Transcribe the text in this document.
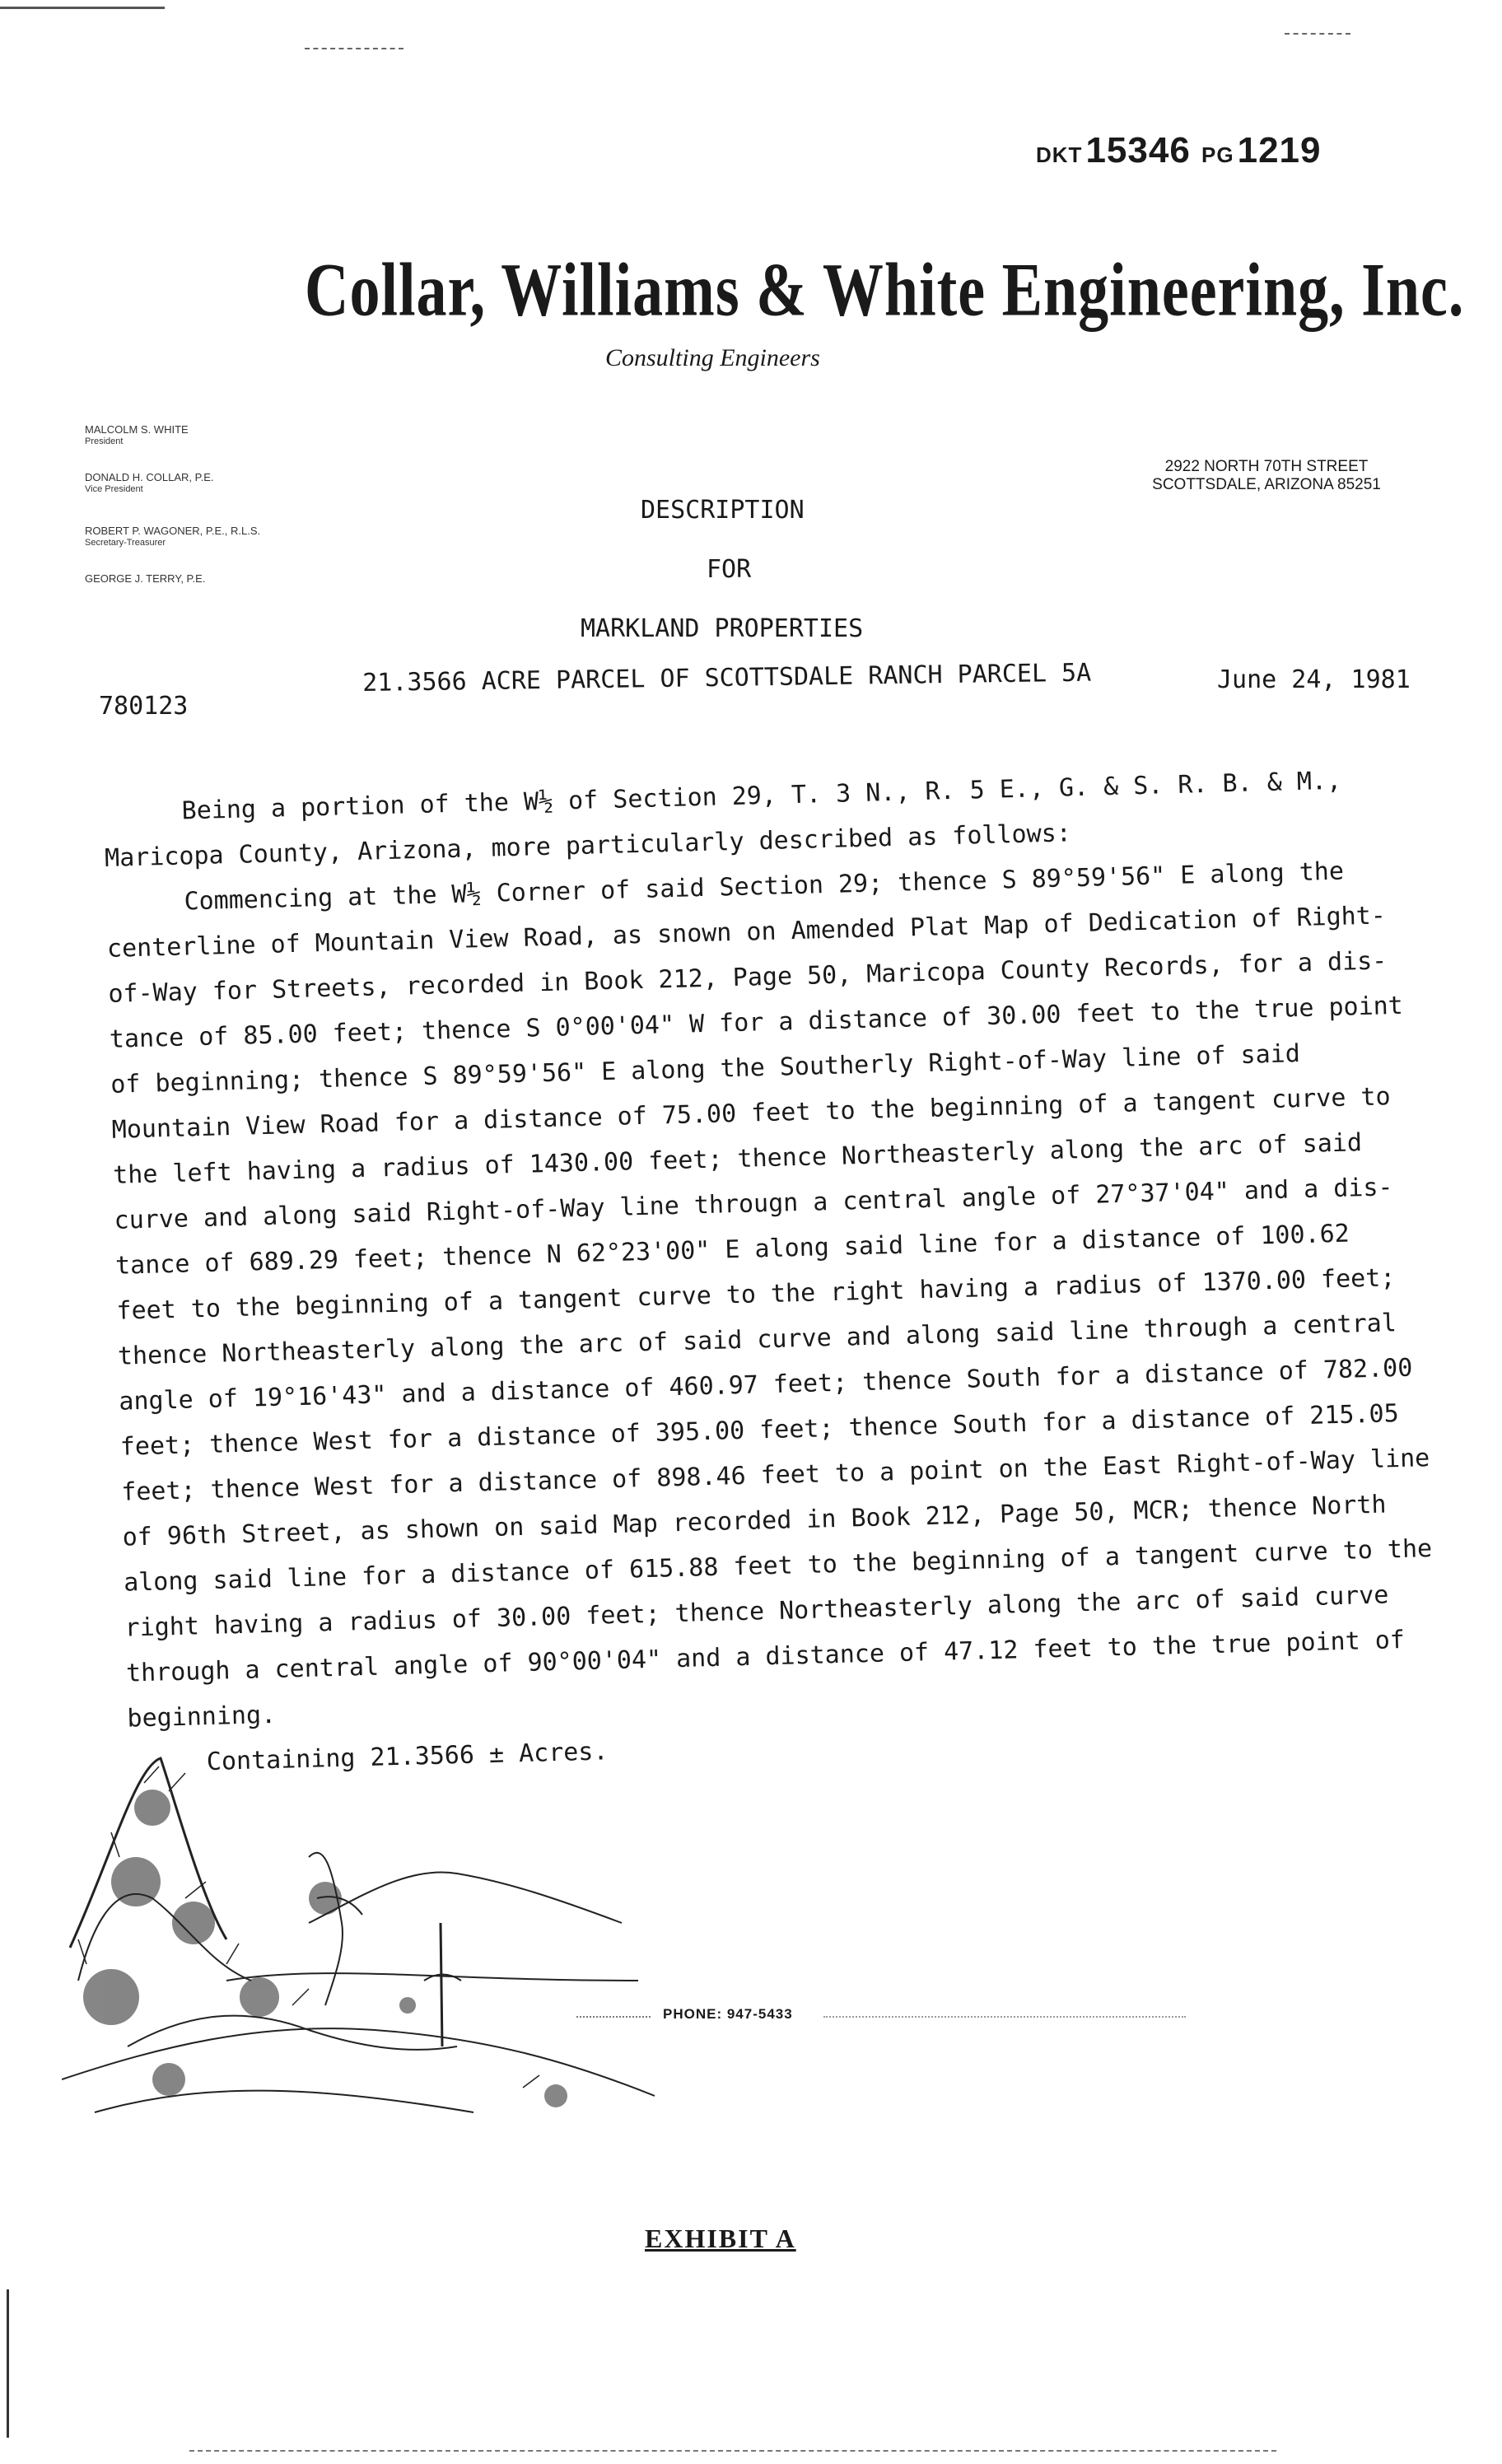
DKT15346 PG1219
Collar, Williams & White Engineering, Inc.
Consulting Engineers
MALCOLM S. WHITE
President
DONALD H. COLLAR, P.E.
Vice President
ROBERT P. WAGONER, P.E., R.L.S.
Secretary-Treasurer
GEORGE J. TERRY, P.E.
2922 NORTH 70TH STREET
SCOTTSDALE, ARIZONA 85251
DESCRIPTION
FOR
MARKLAND PROPERTIES
21.3566 ACRE PARCEL OF SCOTTSDALE RANCH PARCEL 5A
780123
June 24, 1981

Being a portion of the W½ of Section 29, T. 3 N., R. 5 E., G. & S. R. B. & M.,

Maricopa County, Arizona, more particularly described as follows:

Commencing at the W½ Corner of said Section 29; thence S 89°59'56" E along the

centerline of Mountain View Road, as snown on Amended Plat Map of Dedication of Right-

of-Way for Streets, recorded in Book 212, Page 50, Maricopa County Records, for a dis-

tance of 85.00 feet; thence S 0°00'04" W for a distance of 30.00 feet to the true point

of beginning; thence S 89°59'56" E along the Southerly Right-of-Way line of said

Mountain View Road for a distance of 75.00 feet to the beginning of a tangent curve to

the left having a radius of 1430.00 feet; thence Northeasterly along the arc of said

curve and along said Right-of-Way line througn a central angle of 27°37'04" and a dis-

tance of 689.29 feet; thence N 62°23'00" E along said line for a distance of 100.62

feet to the beginning of a tangent curve to the right having a radius of 1370.00 feet;

thence Northeasterly along the arc of said curve and along said line through a central

angle of 19°16'43" and a distance of 460.97 feet; thence South for a distance of 782.00

feet; thence West for a distance of 395.00 feet; thence South for a distance of 215.05

feet; thence West for a distance of 898.46 feet to a point on the East Right-of-Way line

of 96th Street, as shown on said Map recorded in Book 212, Page 50, MCR; thence North

along said line for a distance of 615.88 feet to the beginning of a tangent curve to the

right having a radius of 30.00 feet; thence Northeasterly along the arc of said curve

through a central angle of 90°00'04" and a distance of 47.12 feet to the true point of

beginning.

Containing 21.3566 ± Acres.

PHONE: 947-5433
EXHIBIT A
